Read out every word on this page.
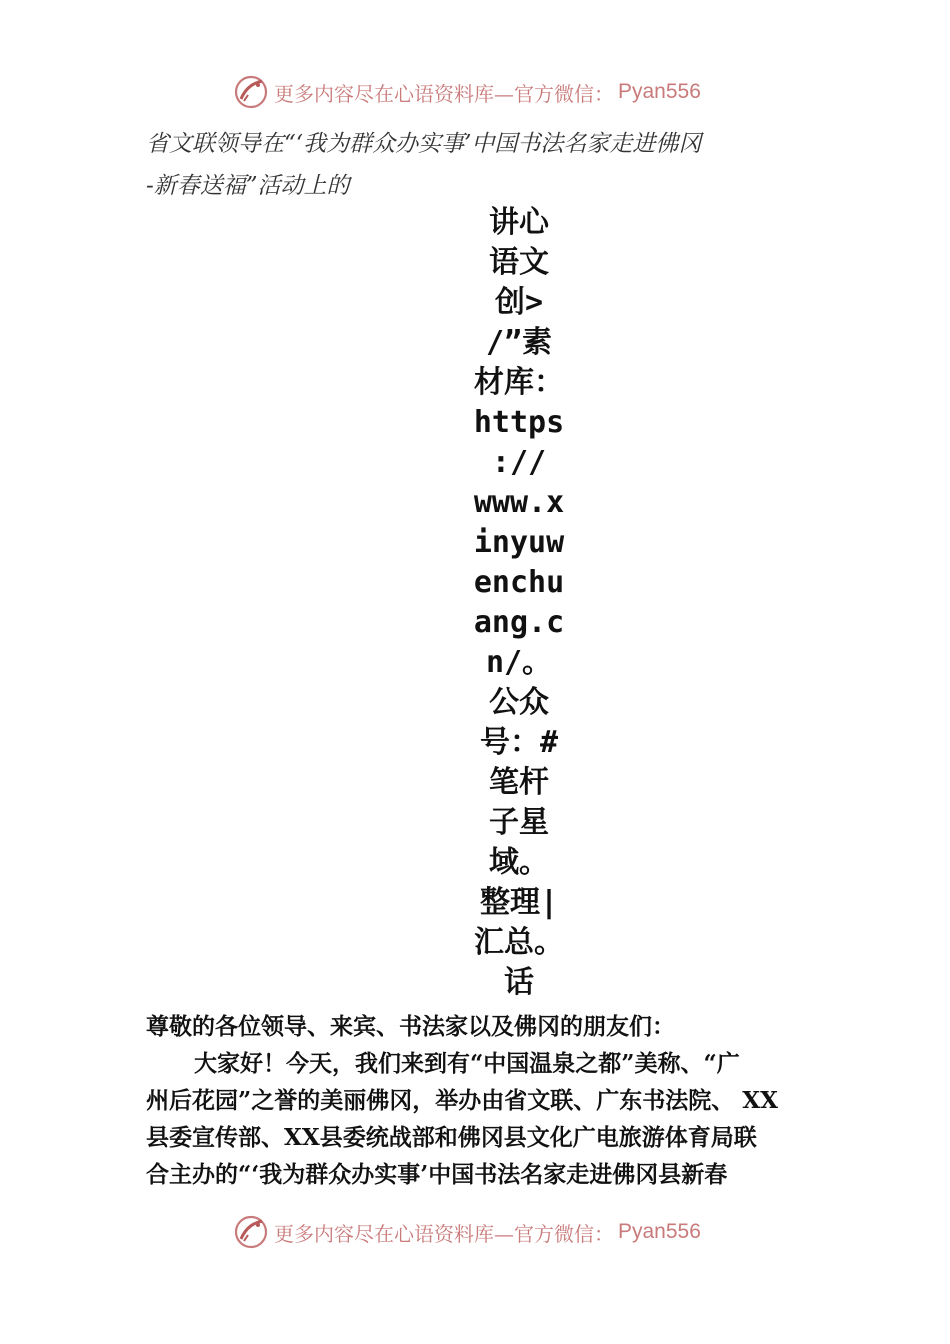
更多内容尽在心语资料库—官方微信： Pyan556
省文联领导在“‘我为群众办实事’中国书法名家走进佛冈
-新春送福”活动上的
讲心
语文
创>
/”素
材库：
https
://
www.x
inyuw
enchu
ang.c
n/。
公众
号：#
笔杆
子星
域。
整理|
汇总。
话
尊敬的各位领导、来宾、书法家以及佛冈的朋友们：
大家好！今天，我们来到有“中国温泉之都”美称、“广
州后花园”之誉的美丽佛冈，举办由省文联、广东书法院、 XX
县委宣传部、XX县委统战部和佛冈县文化广电旅游体育局联
合主办的“‘我为群众办实事’中国书法名家走进佛冈县新春
更多内容尽在心语资料库—官方微信： Pyan556
